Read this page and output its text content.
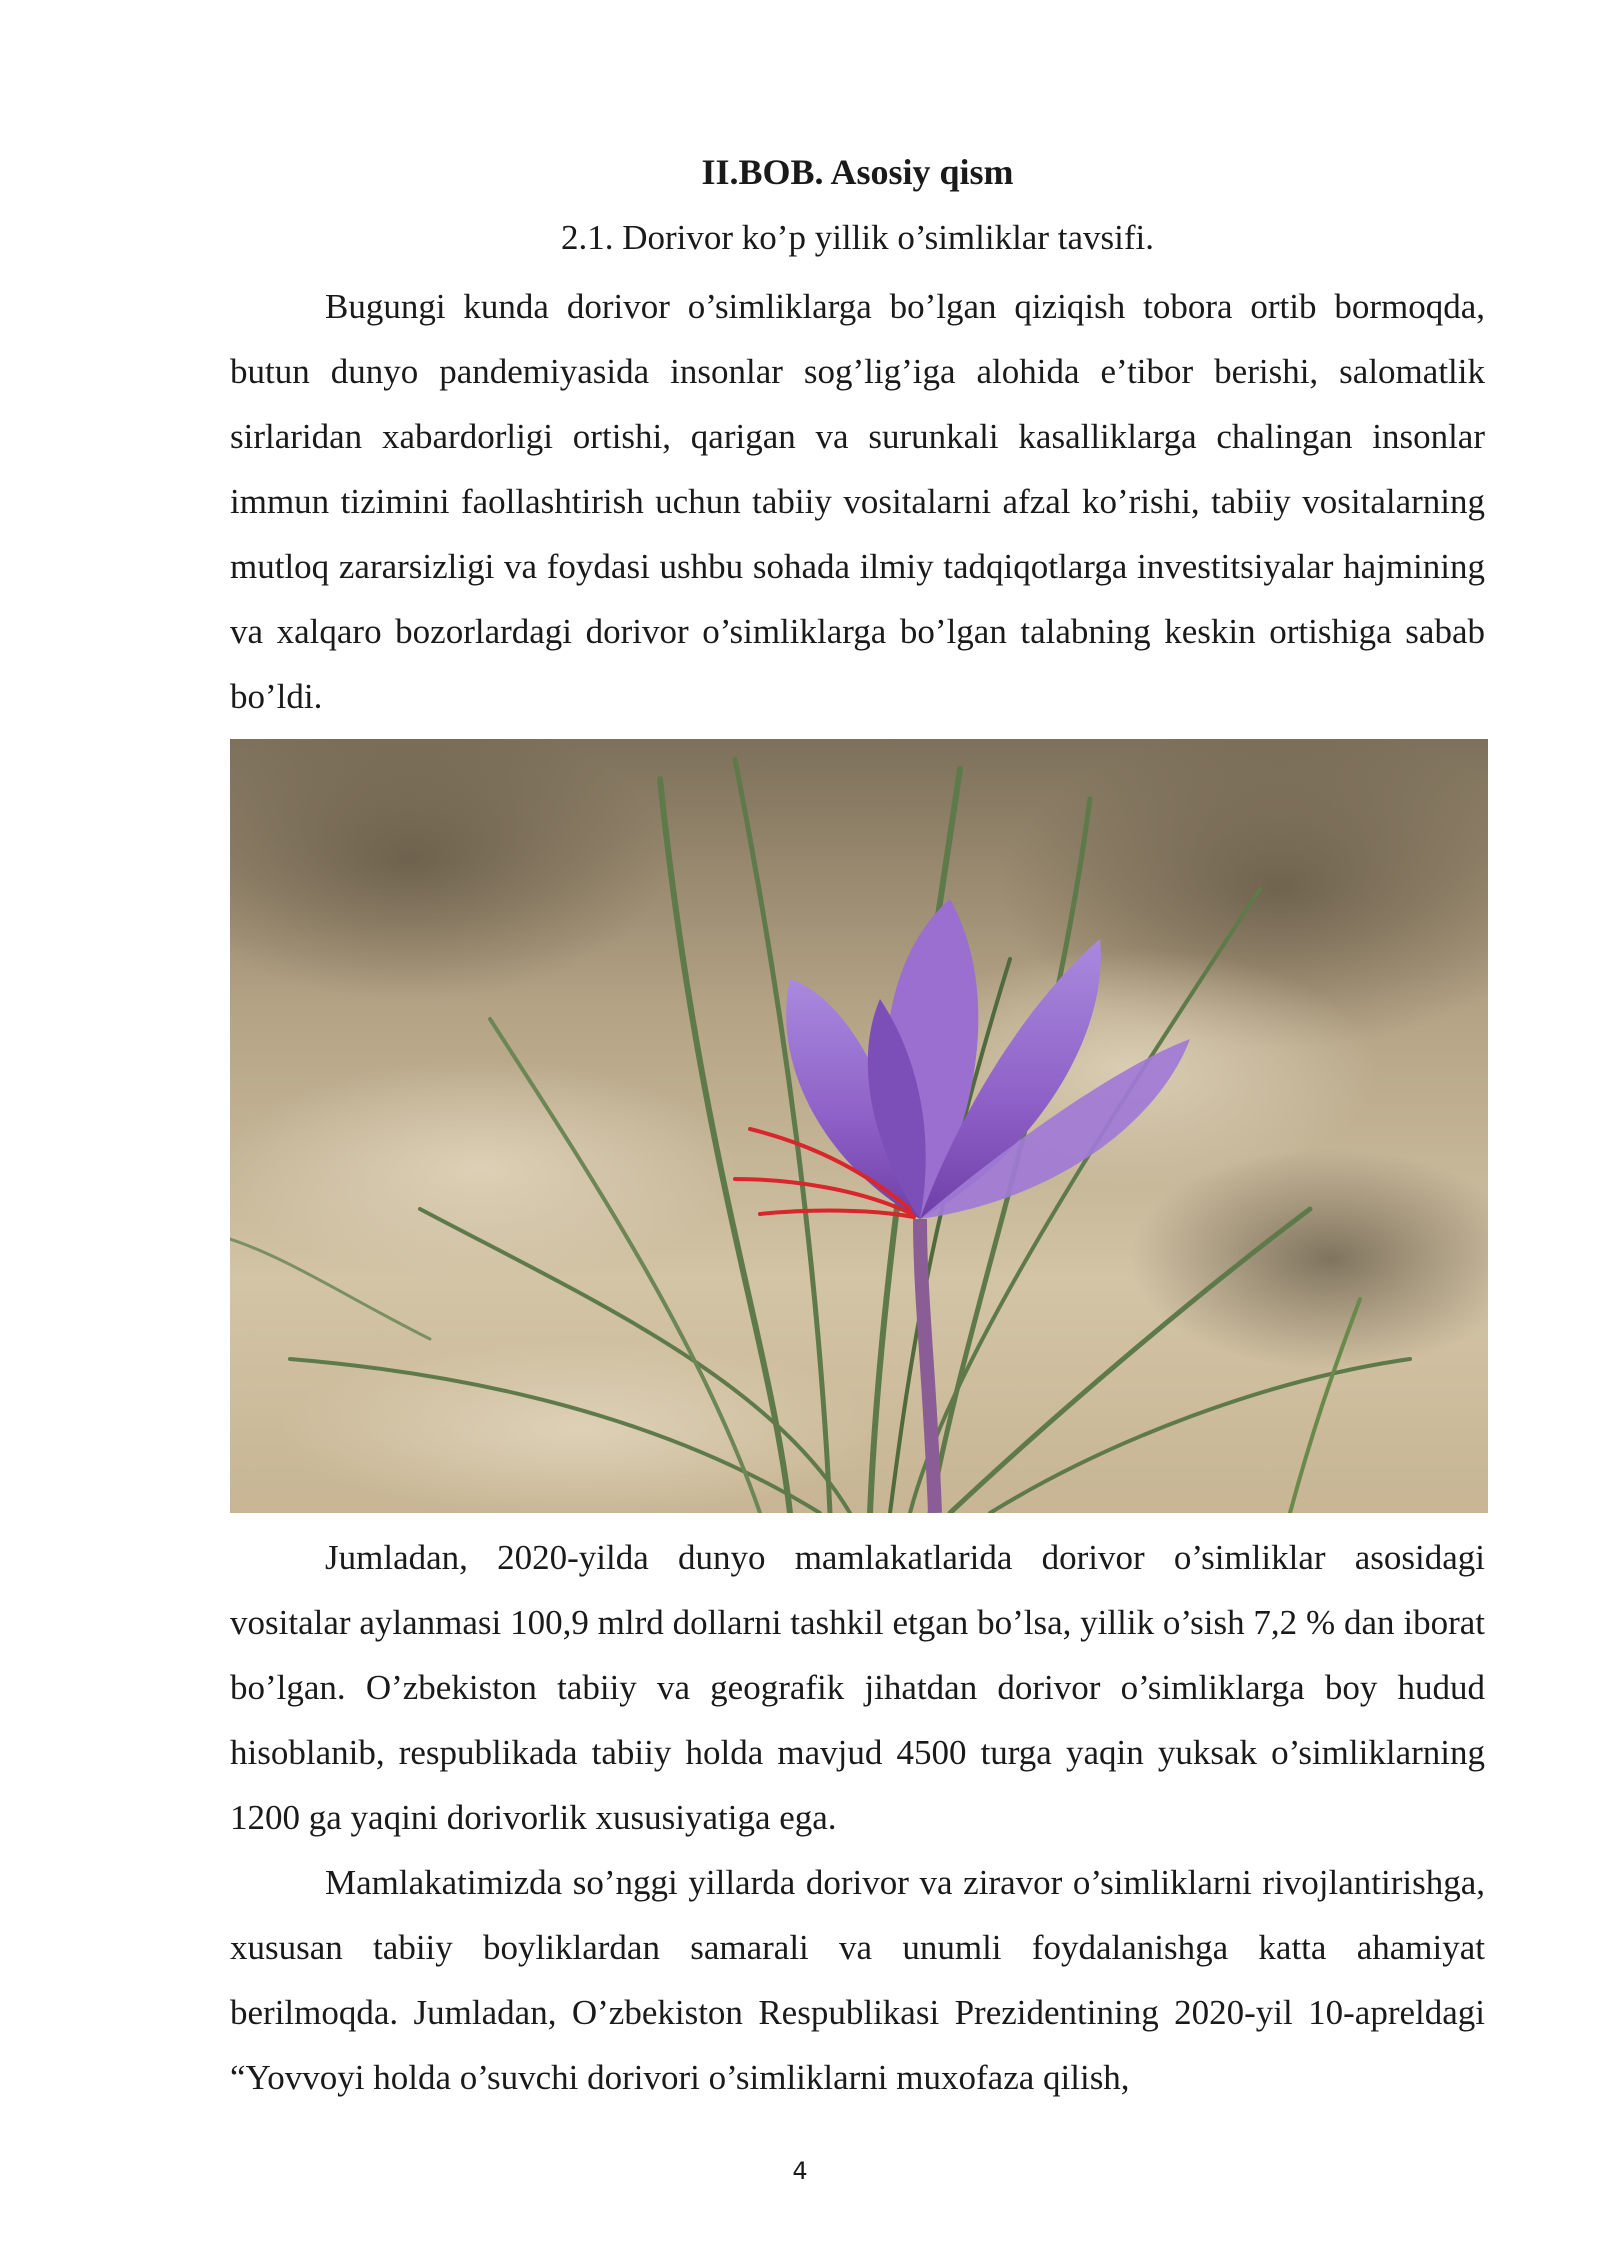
II.BOB. Asosiy qism
2.1. Dorivor ko’p yillik o’simliklar tavsifi.

Bugungi kunda dorivor o’simliklarga bo’lgan qiziqish tobora ortib bormoqda, butun dunyo pandemiyasida insonlar sog’lig’iga alohida e’tibor berishi, salomatlik sirlaridan xabardorligi ortishi, qarigan va surunkali kasalliklarga chalingan insonlar immun tizimini faollashtirish uchun tabiiy vositalarni afzal ko’rishi, tabiiy vositalarning mutloq zararsizligi va foydasi ushbu sohada ilmiy tadqiqotlarga investitsiyalar hajmining va xalqaro bozorlardagi dorivor o’simliklarga bo’lgan talabning keskin ortishiga sabab bo’ldi.

Jumladan, 2020-yilda dunyo mamlakatlarida dorivor o’simliklar asosidagi vositalar aylanmasi 100,9 mlrd dollarni tashkil etgan bo’lsa, yillik o’sish 7,2 % dan iborat bo’lgan. O’zbekiston tabiiy va geografik jihatdan dorivor o’simliklarga boy hudud hisoblanib, respublikada tabiiy holda mavjud 4500 turga yaqin yuksak o’simliklarning 1200 ga yaqini dorivorlik xususiyatiga ega.

Mamlakatimizda so’nggi yillarda dorivor va ziravor o’simliklarni rivojlantirishga, xususan tabiiy boyliklardan samarali va unumli foydalanishga katta ahamiyat berilmoqda. Jumladan, O’zbekiston Respublikasi Prezidentining 2020-yil 10-apreldagi “Yovvoyi holda o’suvchi dorivori o’simliklarni muxofaza qilish,

4
